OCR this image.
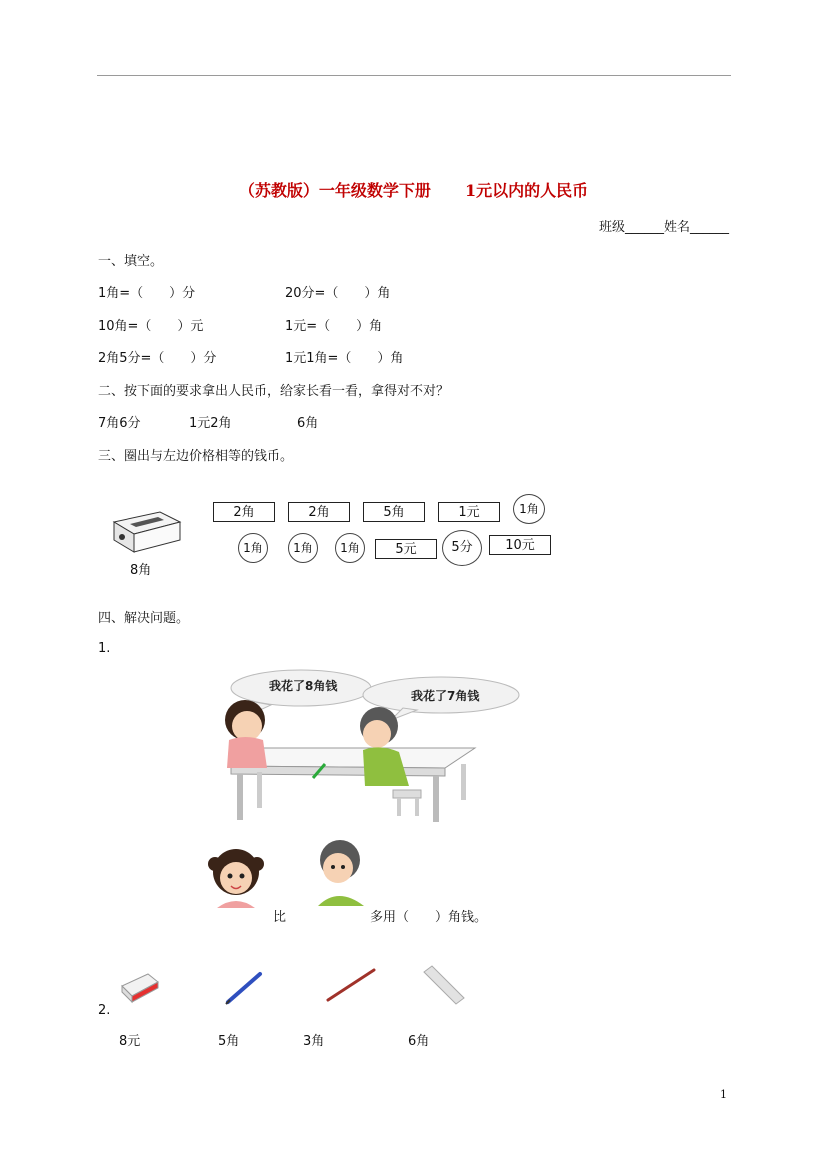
（苏教版）一年级数学下册 1元以内的人民币
班级______姓名______
一、填空。
1角=（　　）分	20分=（　　）角
10角=（　　）元	1元=（　　）角
2角5分=（　　）分	1元1角=（　　）角
二、按下面的要求拿出人民币，给家长看一看，拿得对不对？
7角6分	1元2角	6角
三、圈出与左边价格相等的钱币。
8角
2角	2角	5角	1元	1角
1角	1角	1角	5元	5分	10元
四、解决问题。
1.
我花了8角钱
我花了7角钱
比	多用（　　）角钱。
2.
8元	5角	3角	6角
1
